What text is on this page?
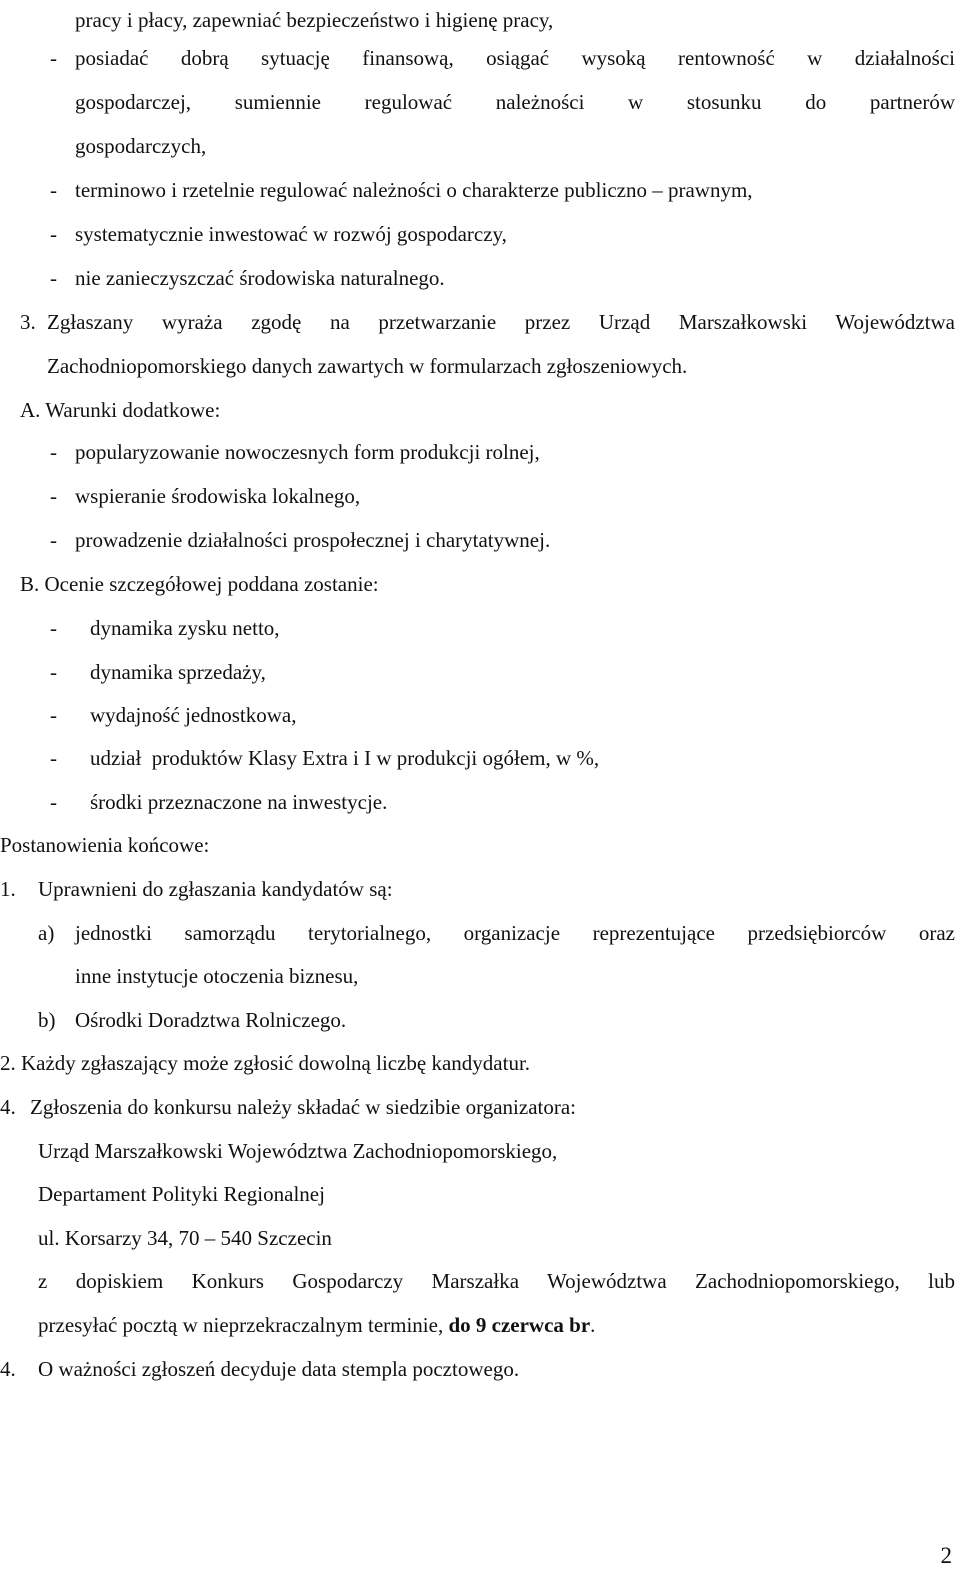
pracy i płacy, zapewniać bezpieczeństwo i higienę pracy,
- posiadać dobrą sytuację finansową, osiągać wysoką rentowność w działalności
gospodarczej, sumiennie regulować należności w stosunku do partnerów
gospodarczych,
- terminowo i rzetelnie regulować należności o charakterze publiczno – prawnym,
- systematycznie inwestować w rozwój gospodarczy,
- nie zanieczyszczać środowiska naturalnego.
3. Zgłaszany wyraża zgodę na przetwarzanie przez Urząd Marszałkowski Województwa
Zachodniopomorskiego danych zawartych w formularzach zgłoszeniowych.
A. Warunki dodatkowe:
- popularyzowanie nowoczesnych form produkcji rolnej,
- wspieranie środowiska lokalnego,
- prowadzenie działalności prospołecznej i charytatywnej.
B. Ocenie szczegółowej poddana zostanie:
- dynamika zysku netto,
- dynamika sprzedaży,
- wydajność jednostkowa,
- udział  produktów Klasy Extra i I w produkcji ogółem, w %,
- środki przeznaczone na inwestycje.
Postanowienia końcowe:
1. Uprawnieni do zgłaszania kandydatów są:
a) jednostki samorządu terytorialnego, organizacje reprezentujące przedsiębiorców oraz
inne instytucje otoczenia biznesu,
b) Ośrodki Doradztwa Rolniczego.
2. Każdy zgłaszający może zgłosić dowolną liczbę kandydatur.
4. Zgłoszenia do konkursu należy składać w siedzibie organizatora:
Urząd Marszałkowski Województwa Zachodniopomorskiego,
Departament Polityki Regionalnej
ul. Korsarzy 34, 70 – 540 Szczecin
z dopiskiem Konkurs Gospodarczy Marszałka Województwa Zachodniopomorskiego, lub
przesyłać pocztą w nieprzekraczalnym terminie, do 9 czerwca br.
4. O ważności zgłoszeń decyduje data stempla pocztowego.
2
